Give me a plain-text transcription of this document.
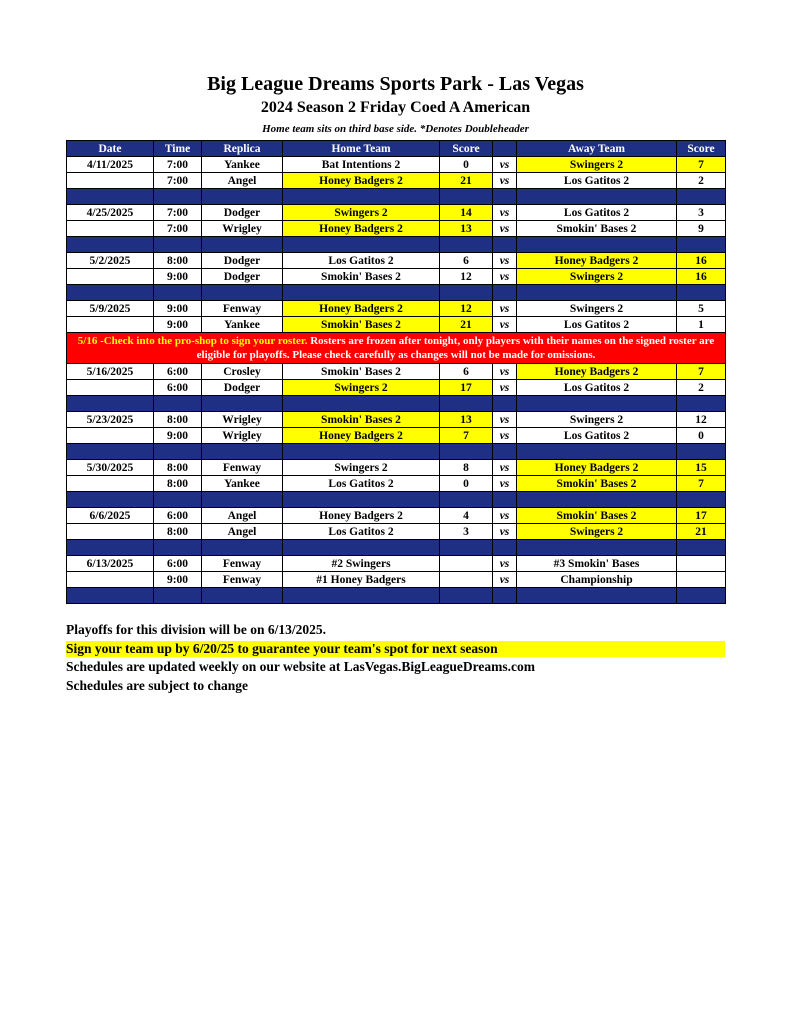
Big League Dreams Sports Park - Las Vegas
2024 Season 2 Friday Coed A American
Home team sits on third base side. *Denotes Doubleheader
Date	Time	Replica	Home Team	Score		Away Team	Score
4/11/2025	7:00	Yankee	Bat Intentions 2	0	vs	Swingers 2	7
	7:00	Angel	Honey Badgers 2	21	vs	Los Gatitos 2	2

4/25/2025	7:00	Dodger	Swingers 2	14	vs	Los Gatitos 2	3
	7:00	Wrigley	Honey Badgers 2	13	vs	Smokin' Bases 2	9

5/2/2025	8:00	Dodger	Los Gatitos 2	6	vs	Honey Badgers 2	16
	9:00	Dodger	Smokin' Bases 2	12	vs	Swingers 2	16

5/9/2025	9:00	Fenway	Honey Badgers 2	12	vs	Swingers 2	5
	9:00	Yankee	Smokin' Bases 2	21	vs	Los Gatitos 2	1
5/16 -Check into the pro-shop to sign your roster. Rosters are frozen after tonight, only players with their names on the signed roster are eligible for playoffs. Please check carefully as changes will not be made for omissions.							
5/16/2025	6:00	Crosley	Smokin' Bases 2	6	vs	Honey Badgers 2	7
	6:00	Dodger	Swingers 2	17	vs	Los Gatitos 2	2

5/23/2025	8:00	Wrigley	Smokin' Bases 2	13	vs	Swingers 2	12
	9:00	Wrigley	Honey Badgers 2	7	vs	Los Gatitos 2	0

5/30/2025	8:00	Fenway	Swingers 2	8	vs	Honey Badgers 2	15
	8:00	Yankee	Los Gatitos 2	0	vs	Smokin' Bases 2	7

6/6/2025	6:00	Angel	Honey Badgers 2	4	vs	Smokin' Bases 2	17
	8:00	Angel	Los Gatitos 2	3	vs	Swingers 2	21

6/13/2025	6:00	Fenway	#2 Swingers		vs	#3 Smokin' Bases	
	9:00	Fenway	#1 Honey Badgers		vs	Championship	

Playoffs for this division will be on 6/13/2025.
Sign your team up by 6/20/25 to guarantee your team's spot for next season
Schedules are updated weekly on our website at LasVegas.BigLeagueDreams.com
Schedules are subject to change
